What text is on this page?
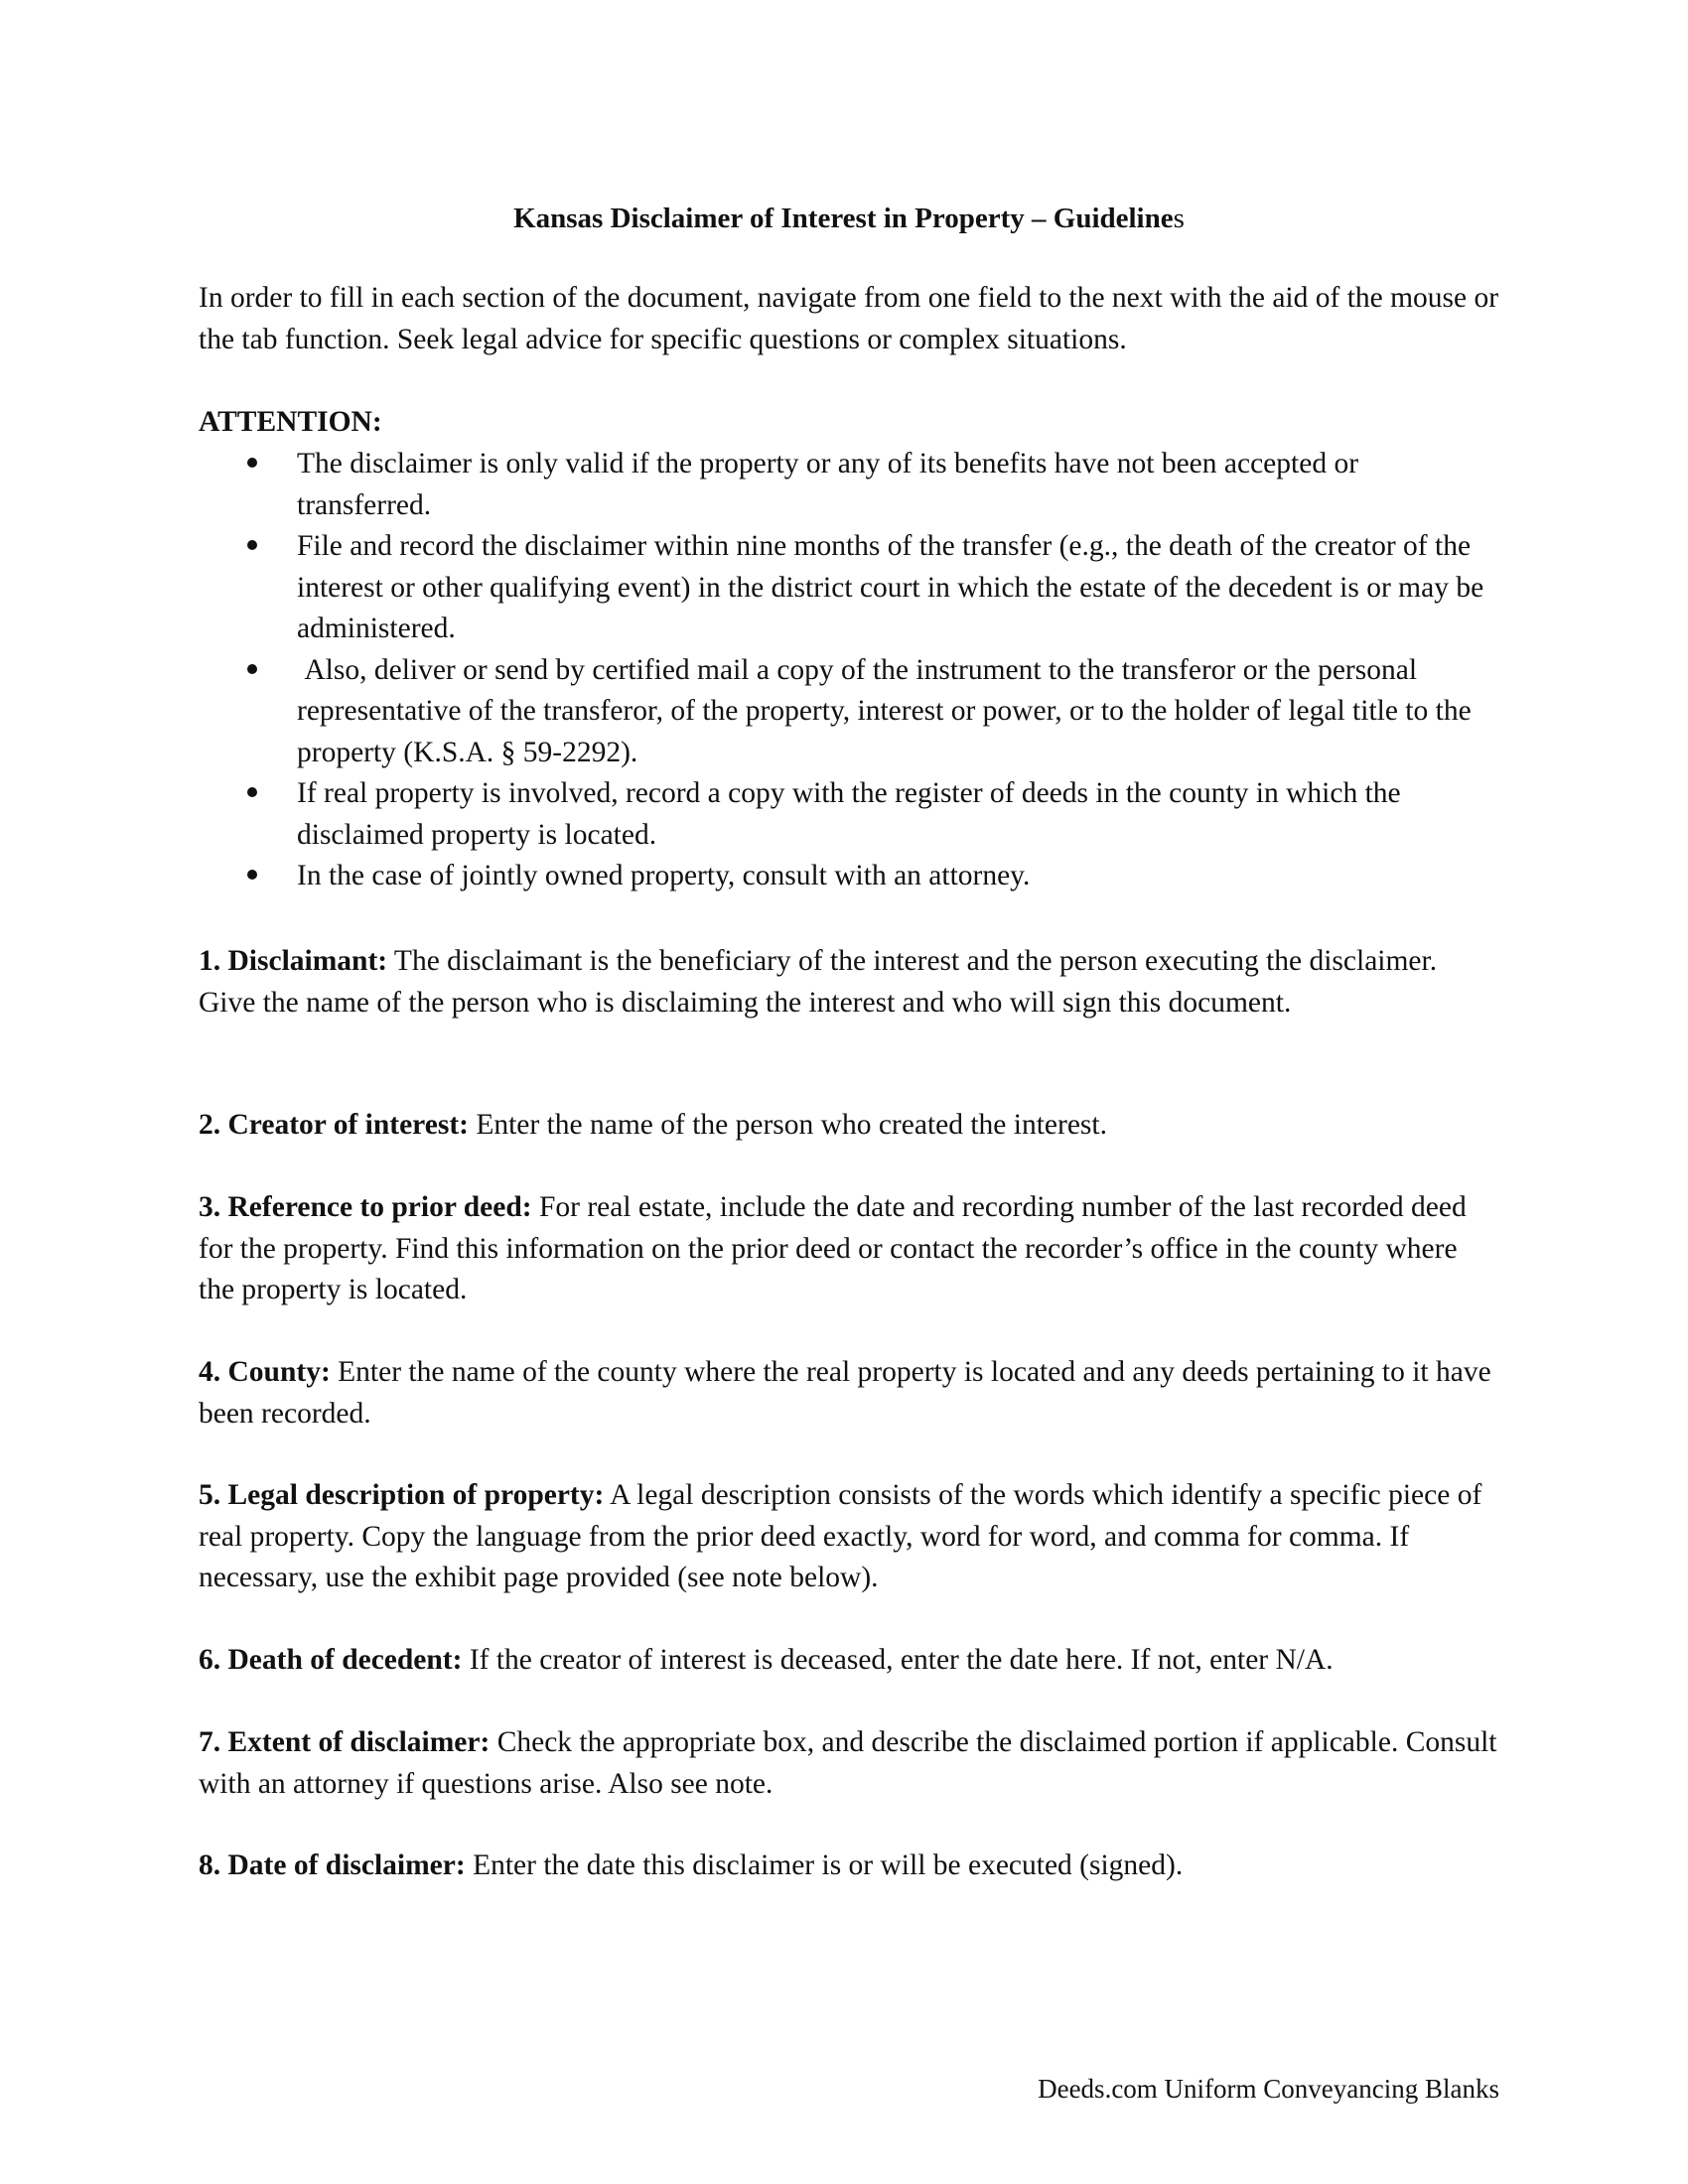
Kansas Disclaimer of Interest in Property – Guidelines

In order to fill in each section of the document, navigate from one field to the next with the aid of the mouse or the tab function. Seek legal advice for specific questions or complex situations.

ATTENTION:
The disclaimer is only valid if the property or any of its benefits have not been accepted or transferred.
File and record the disclaimer within nine months of the transfer (e.g., the death of the creator of the interest or other qualifying event) in the district court in which the estate of the decedent is or may be administered.
Also, deliver or send by certified mail a copy of the instrument to the transferor or the personal representative of the transferor, of the property, interest or power, or to the holder of legal title to the property (K.S.A. § 59-2292).
If real property is involved, record a copy with the register of deeds in the county in which the disclaimed property is located.
In the case of jointly owned property, consult with an attorney.

1. Disclaimant: The disclaimant is the beneficiary of the interest and the person executing the disclaimer. Give the name of the person who is disclaiming the interest and who will sign this document.

2. Creator of interest: Enter the name of the person who created the interest.

3. Reference to prior deed: For real estate, include the date and recording number of the last recorded deed for the property. Find this information on the prior deed or contact the recorder’s office in the county where the property is located.

4. County: Enter the name of the county where the real property is located and any deeds pertaining to it have been recorded.

5. Legal description of property: A legal description consists of the words which identify a specific piece of real property. Copy the language from the prior deed exactly, word for word, and comma for comma. If necessary, use the exhibit page provided (see note below).

6. Death of decedent: If the creator of interest is deceased, enter the date here. If not, enter N/A.

7. Extent of disclaimer: Check the appropriate box, and describe the disclaimed portion if applicable. Consult with an attorney if questions arise. Also see note.

8. Date of disclaimer: Enter the date this disclaimer is or will be executed (signed).

Deeds.com Uniform Conveyancing Blanks
